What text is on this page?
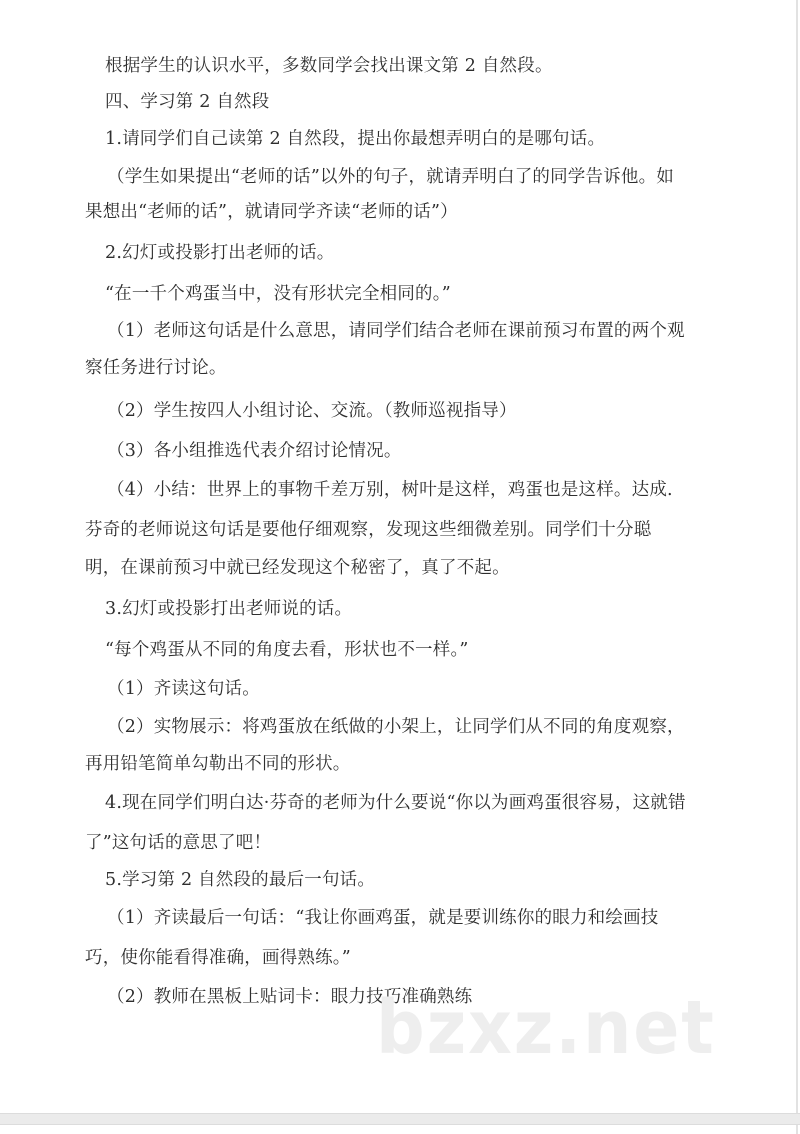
根据学生的认识水平，多数同学会找出课文第 2 自然段。
四、学习第 2 自然段
1.请同学们自己读第 2 自然段，提出你最想弄明白的是哪句话。
（学生如果提出“老师的话”以外的句子，就请弄明白了的同学告诉他。如
果想出“老师的话”，就请同学齐读“老师的话”）
2.幻灯或投影打出老师的话。
“在一千个鸡蛋当中，没有形状完全相同的。”
（1）老师这句话是什么意思，请同学们结合老师在课前预习布置的两个观
察任务进行讨论。
（2）学生按四人小组讨论、交流。（教师巡视指导）
（3）各小组推选代表介绍讨论情况。
（4）小结：世界上的事物千差万别，树叶是这样，鸡蛋也是这样。达成.
芬奇的老师说这句话是要他仔细观察，发现这些细微差别。同学们十分聪
明，在课前预习中就已经发现这个秘密了，真了不起。
3.幻灯或投影打出老师说的话。
“每个鸡蛋从不同的角度去看，形状也不一样。”
（1）齐读这句话。
（2）实物展示：将鸡蛋放在纸做的小架上，让同学们从不同的角度观察，
再用铅笔简单勾勒出不同的形状。
4.现在同学们明白达·芬奇的老师为什么要说“你以为画鸡蛋很容易，这就错
了”这句话的意思了吧！
5.学习第 2 自然段的最后一句话。
（1）齐读最后一句话：“我让你画鸡蛋，就是要训练你的眼力和绘画技
巧，使你能看得准确，画得熟练。”
（2）教师在黑板上贴词卡：眼力技巧准确熟练
bzxz.net
